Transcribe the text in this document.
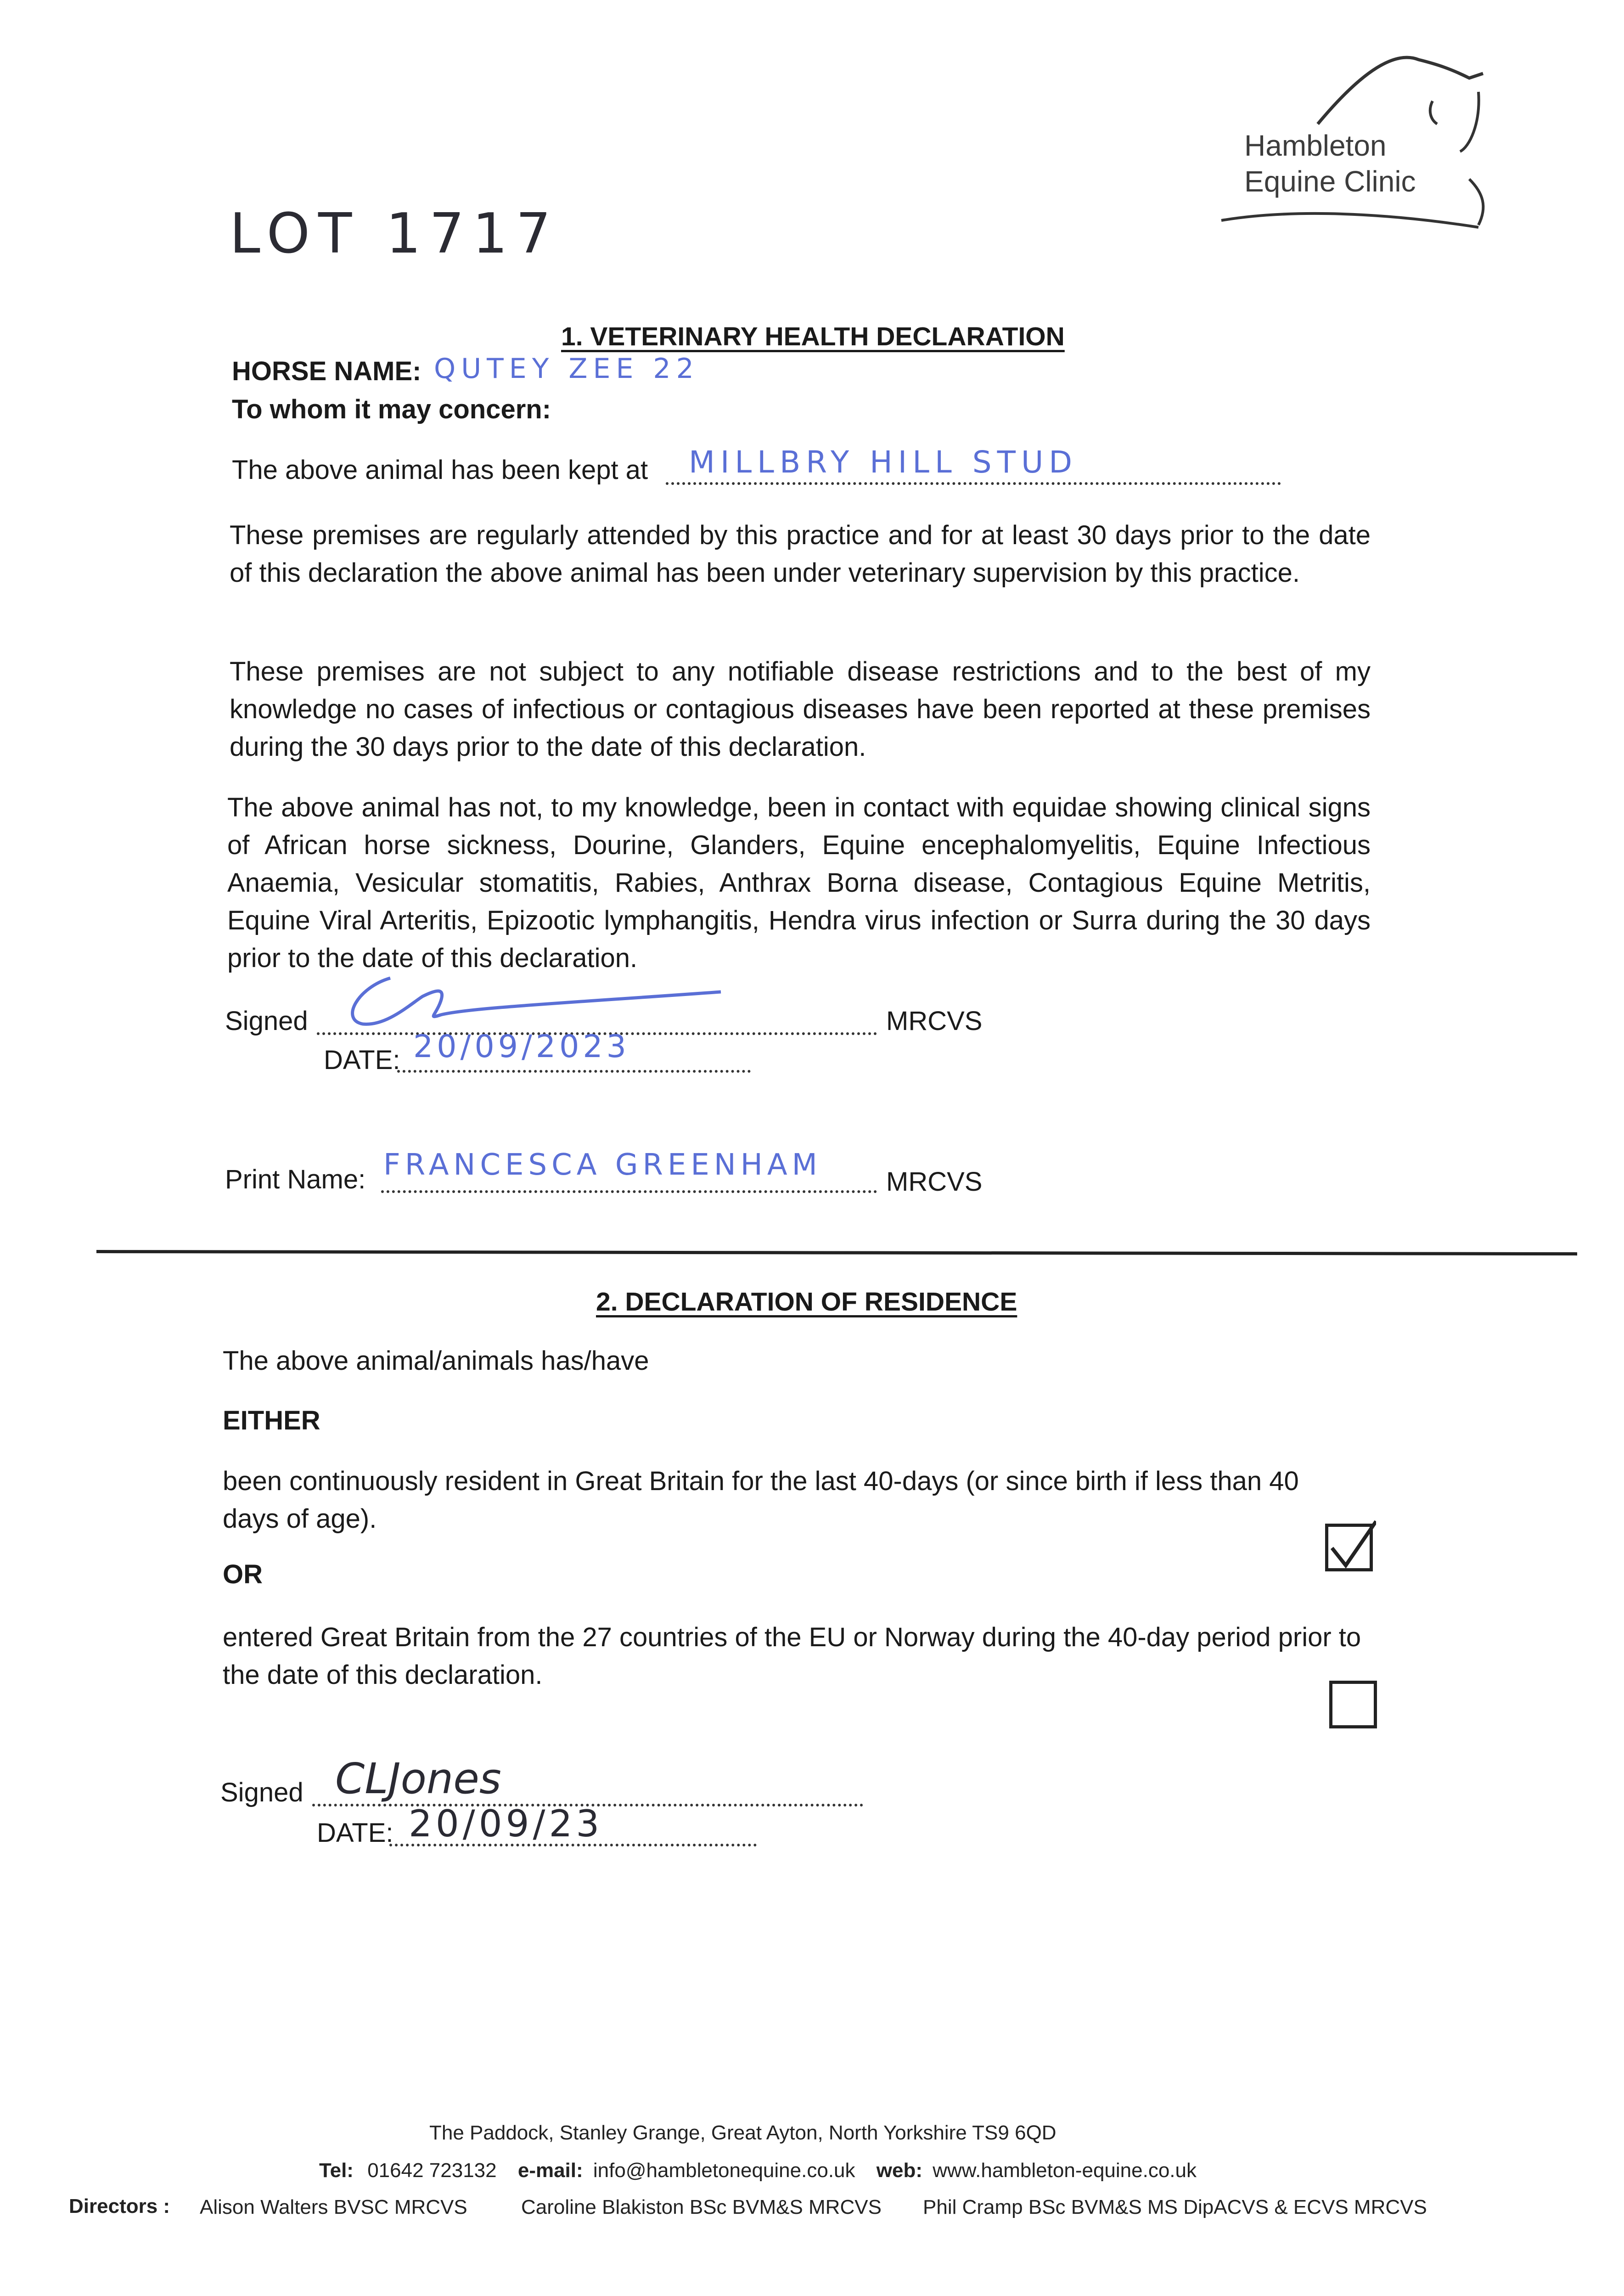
Hambleton
Equine Clinic
LOT 1717
1. VETERINARY HEALTH DECLARATION
HORSE NAME: QUTEY ZEE 22
To whom it may concern:
The above animal has been kept at MILLBRY HILL STUD
These premises are regularly attended by this practice and for at least 30 days prior to the date of this declaration the above animal has been under veterinary supervision by this practice.
These premises are not subject to any notifiable disease restrictions and to the best of my knowledge no cases of infectious or contagious diseases have been reported at these premises during the 30 days prior to the date of this declaration.
The above animal has not, to my knowledge, been in contact with equidae showing clinical signs of African horse sickness, Dourine, Glanders, Equine encephalomyelitis, Equine Infectious Anaemia, Vesicular stomatitis, Rabies, Anthrax Borna disease, Contagious Equine Metritis, Equine Viral Arteritis, Epizootic lymphangitis, Hendra virus infection or Surra during the 30 days prior to the date of this declaration.
Signed	MRCVS
DATE: 20/09/2023
Print Name: FRANCESCA GREENHAM MRCVS
2. DECLARATION OF RESIDENCE
The above animal/animals has/have
EITHER
been continuously resident in Great Britain for the last 40-days (or since birth if less than 40 days of age).
OR
entered Great Britain from the 27 countries of the EU or Norway during the 40-day period prior to the date of this declaration.
Signed CLJones
DATE: 20/09/23
The Paddock, Stanley Grange, Great Ayton, North Yorkshire TS9 6QD
Tel: 01642 723132 e-mail: info@hambletonequine.co.uk web: www.hambleton-equine.co.uk
Directors : Alison Walters BVSC MRCVS	Caroline Blakiston BSc BVM&S MRCVS Phil Cramp BSc BVM&S MS DipACVS & ECVS MRCVS
